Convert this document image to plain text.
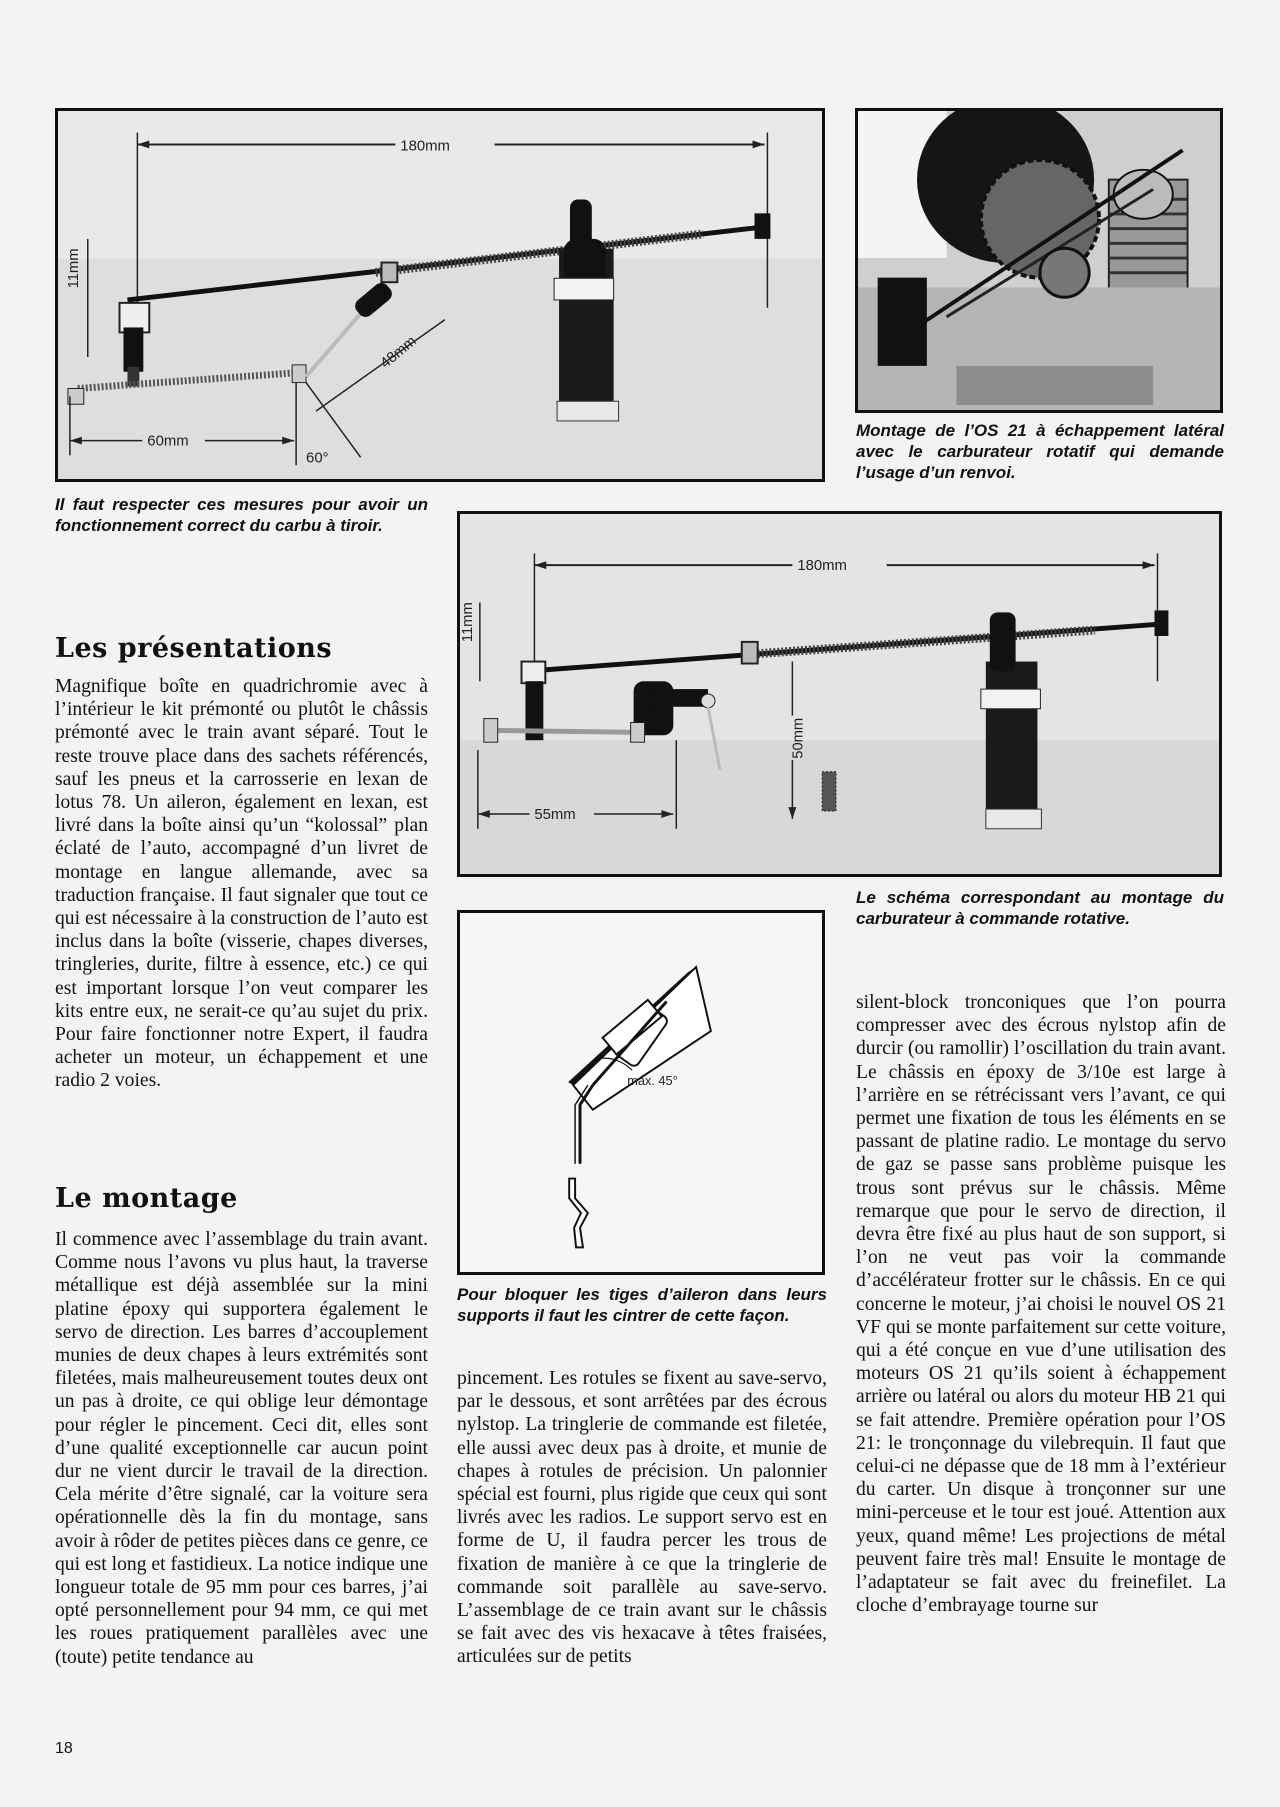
180mm
11mm
48mm
60mm
60°

Il faut respecter ces mesures pour avoir un fonctionnement correct du carbu à tiroir.

Montage de l’OS 21 à échappement latéral avec le carburateur rotatif qui demande l’usage d’un renvoi.

180mm
11mm
55mm
50mm

Le schéma correspondant au montage du carburateur à commande rotative.

max. 45°

Pour bloquer les tiges d’aileron dans leurs supports il faut les cintrer de cette façon.

Les présentations

Magnifique boîte en quadrichromie avec à l’intérieur le kit prémonté ou plutôt le châssis prémonté avec le train avant séparé. Tout le reste trouve place dans des sachets référencés, sauf les pneus et la carrosserie en lexan de lotus 78. Un aileron, également en lexan, est livré dans la boîte ainsi qu’un “kolossal” plan éclaté de l’auto, accompagné d’un livret de montage en langue allemande, avec sa traduction française. Il faut signaler que tout ce qui est nécessaire à la construction de l’auto est inclus dans la boîte (visserie, chapes diverses, tringleries, durite, filtre à essence, etc.) ce qui est important lorsque l’on veut comparer les kits entre eux, ne serait-ce qu’au sujet du prix. Pour faire fonctionner notre Expert, il faudra acheter un moteur, un échappement et une radio 2 voies.

Le montage

Il commence avec l’assemblage du train avant. Comme nous l’avons vu plus haut, la traverse métallique est déjà assemblée sur la mini platine époxy qui supportera également le servo de direction. Les barres d’accouplement munies de deux chapes à leurs extrémités sont filetées, mais malheureusement toutes deux ont un pas à droite, ce qui oblige leur démontage pour régler le pincement. Ceci dit, elles sont d’une qualité exceptionnelle car aucun point dur ne vient durcir le travail de la direction. Cela mérite d’être signalé, car la voiture sera opérationnelle dès la fin du montage, sans avoir à rôder de petites pièces dans ce genre, ce qui est long et fastidieux. La notice indique une longueur totale de 95 mm pour ces barres, j’ai opté personnellement pour 94 mm, ce qui met les roues pratiquement parallèles avec une (toute) petite tendance au

pincement. Les rotules se fixent au save-servo, par le dessous, et sont arrêtées par des écrous nylstop. La tringlerie de commande est filetée, elle aussi avec deux pas à droite, et munie de chapes à rotules de précision. Un palonnier spécial est fourni, plus rigide que ceux qui sont livrés avec les radios. Le support servo est en forme de U, il faudra percer les trous de fixation de manière à ce que la tringlerie de commande soit parallèle au save-servo. L’assemblage de ce train avant sur le châssis se fait avec des vis hexacave à têtes fraisées, articulées sur de petits

silent-block tronconiques que l’on pourra compresser avec des écrous nylstop afin de durcir (ou ramollir) l’oscillation du train avant. Le châssis en époxy de 3/10e est large à l’arrière en se rétrécissant vers l’avant, ce qui permet une fixation de tous les éléments en se passant de platine radio. Le montage du servo de gaz se passe sans problème puisque les trous sont prévus sur le châssis. Même remarque que pour le servo de direction, il devra être fixé au plus haut de son support, si l’on ne veut pas voir la commande d’accélérateur frotter sur le châssis. En ce qui concerne le moteur, j’ai choisi le nouvel OS 21 VF qui se monte parfaitement sur cette voiture, qui a été conçue en vue d’une utilisation des moteurs OS 21 qu’ils soient à échappement arrière ou latéral ou alors du moteur HB 21 qui se fait attendre. Première opération pour l’OS 21: le tronçonnage du vilebrequin. Il faut que celui-ci ne dépasse que de 18 mm à l’extérieur du carter. Un disque à tronçonner sur une mini-perceuse et le tour est joué. Attention aux yeux, quand même! Les projections de métal peuvent faire très mal! Ensuite le montage de l’adaptateur se fait avec du freinefilet. La cloche d’embrayage tourne sur

18
